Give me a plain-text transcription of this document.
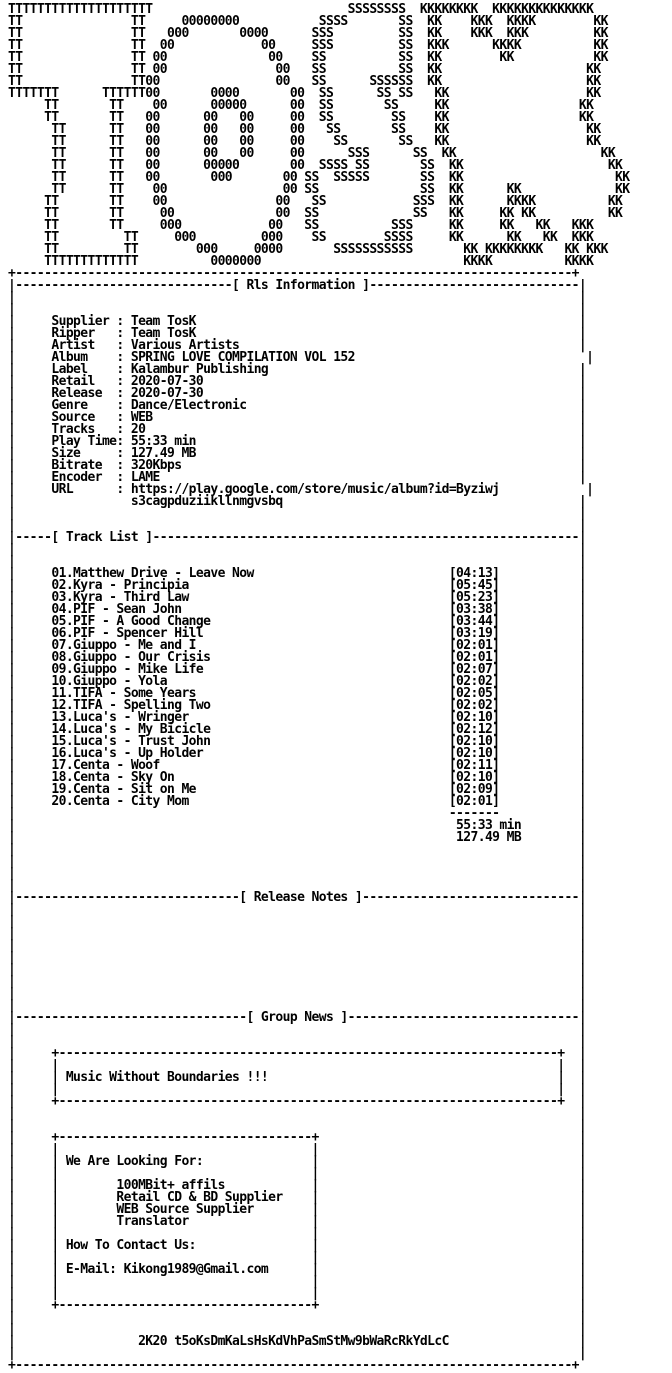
TTTTTTTTTTTTTTTTTTTT                           SSSSSSSS  KKKKKKKK  KKKKKKKKKKKKKK
TT               TT     00000000           SSSS       SS  KK    KKK  KKKK        KK
TT               TT   000       0000      SSS         SS  KK    KKK  KKK         KK
TT               TT  00            00     SSS         SS  KKK      KKKK          KK
TT               TT 00              00    SS          SS  KK        KK           KK
TT               TT 00               00   SS          SS  KK                    KK
TT               TT00                00   SS      SSSSSS  KK                    KK
TTTTTTT      TTTTTT00       0000       00  SS      SS SS   KK                   KK
TT       TT    00      00000      00  SS       SS     KK                  KK
TT       TT   00      00   00     00  SS        SS    KK                  KK
TT      TT   00      00   00     00   SS       SS    KK                   KK
TT      TT   00      00   00     00    SS       SS   KK                   KK
TT      TT   00      00   00     00      SSS      SS  KK                    KK
TT      TT   00      00000       00  SSSS SS       SS  KK                    KK
TT      TT   00       000       00 SS  SSSSS       SS  KK                     KK
TT      TT    00                00 SS              SS  KK      KK             KK
TT       TT    00               00   SS            SSS  KK      KKKK          KK
TT       TT     00              00  SS             SS   KK     KK KK          KK
TT       TT     000            00   SS          SSS     KK     KK   KK   KKK
TT         TT     000         000    SS        SSSS     KK      KK   KK  KKK
TT         TT        000     0000       SSSSSSSSSSS       KK KKKKKKKK   KK KKK
TTTTTTTTTTTTT          0000000                            KKKK          KKKK
+-----------------------------------------------------------------------------+
|------------------------------[ Rls Information ]-----------------------------|
|                                                                              |
|                                                                              |
|     Supplier : Team TosK                                                     |
|     Ripper   : Team TosK                                                     |
|     Artist   : Various Artists                                               |
|     Album    : SPRING LOVE COMPILATION VOL 152                                |
|     Label    : Kalambur Publishing                                           |
|     Retail   : 2020-07-30                                                    |
|     Release  : 2020-07-30                                                    |
|     Genre    : Dance/Electronic                                              |
|     Source   : WEB                                                           |
|     Tracks   : 20                                                            |
|     Play Time: 55:33 min                                                     |
|     Size     : 127.49 MB                                                     |
|     Bitrate  : 320Kbps                                                       |
|     Encoder  : LAME                                                          |
|     URL      : https://play.google.com/store/music/album?id=Byziwj            |
|                s3cagpduziikllnmgvsbq                                         |
|                                                                              |
|                                                                              |
|-----[ Track List ]-----------------------------------------------------------|
|                                                                              |
|                                                                              |
|     01.Matthew Drive - Leave Now                           [04:13]           |
|     02.Kyra - Principia                                    [05:45]           |
|     03.Kyra - Third Law                                    [05:23]           |
|     04.PIF - Sean John                                     [03:38]           |
|     05.PIF - A Good Change                                 [03:44]           |
|     06.PIF - Spencer Hill                                  [03:19]           |
|     07.Giuppo - Me and I                                   [02:01]           |
|     08.Giuppo - Our Crisis                                 [02:01]           |
|     09.Giuppo - Mike Life                                  [02:07]           |
|     10.Giuppo - Yola                                       [02:02]           |
|     11.TIFA - Some Years                                   [02:05]           |
|     12.TIFA - Spelling Two                                 [02:02]           |
|     13.Luca's - Wringer                                    [02:10]           |
|     14.Luca's - My Bicicle                                 [02:12]           |
|     15.Luca's - Trust John                                 [02:10]           |
|     16.Luca's - Up Holder                                  [02:10]           |
|     17.Centa - Woof                                        [02:11]           |
|     18.Centa - Sky On                                      [02:10]           |
|     19.Centa - Sit on Me                                   [02:09]           |
|     20.Centa - City Mom                                    [02:01]           |
|                                                            -------           |
|                                                             55:33 min        |
|                                                             127.49 MB        |
|                                                                              |
|                                                                              |
|                                                                              |
|                                                                              |
|-------------------------------[ Release Notes ]------------------------------|
|                                                                              |
|                                                                              |
|                                                                              |
|                                                                              |
|                                                                              |
|                                                                              |
|                                                                              |
|                                                                              |
|                                                                              |
|--------------------------------[ Group News ]--------------------------------|
|                                                                              |
|                                                                              |
|     +---------------------------------------------------------------------+  |
|     |                                                                     |  |
|     | Music Without Boundaries !!!                                        |  |
|     |                                                                     |  |
|     +---------------------------------------------------------------------+  |
|                                                                              |
|                                                                              |
|     +-----------------------------------+                                    |
|     |                                   |                                    |
|     | We Are Looking For:               |                                    |
|     |                                   |                                    |
|     |        100MBit+ affils            |                                    |
|     |        Retail CD & BD Supplier    |                                    |
|     |        WEB Source Supplier        |                                    |
|     |        Translator                 |                                    |
|     |                                   |                                    |
|     | How To Contact Us:                |                                    |
|     |                                   |                                    |
|     | E-Mail: Kikong1989@Gmail.com      |                                    |
|     |                                   |                                    |
|     |                                   |                                    |
|     +-----------------------------------+                                    |
|                                                                              |
|                                                                              |
|                 2K20 t5oKsDmKaLsHsKdVhPaSmStMw9bWaRcRkYdLcC                  |
|                                                                              |
+-----------------------------------------------------------------------------+
